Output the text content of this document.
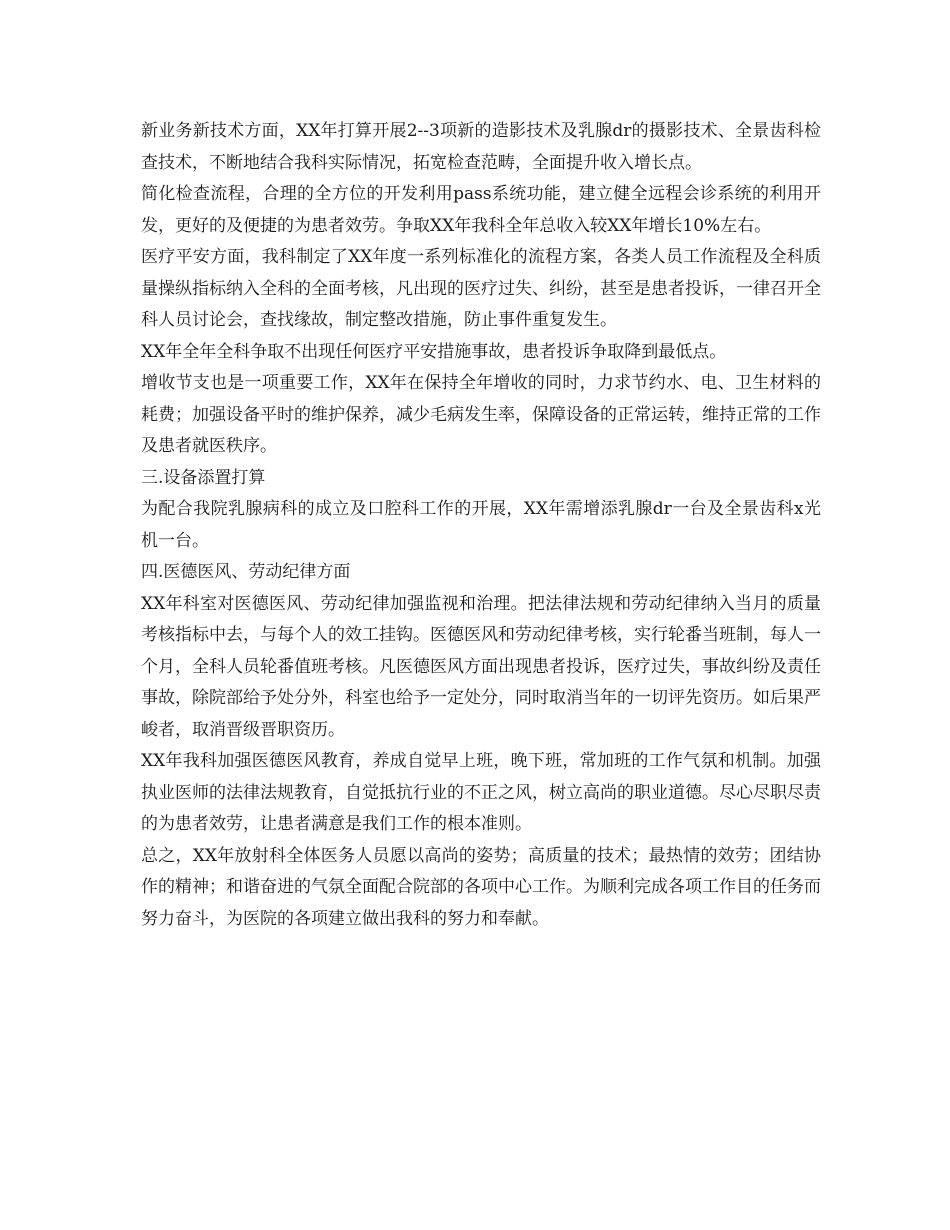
新业务新技术方面，XX年打算开展2--3项新的造影技术及乳腺dr的摄影技术、全景齿科检查技术，不断地结合我科实际情况，拓宽检查范畴，全面提升收入增长点。

简化检查流程，合理的全方位的开发利用pass系统功能，建立健全远程会诊系统的利用开发，更好的及便捷的为患者效劳。争取XX年我科全年总收入较XX年增长10%左右。

医疗平安方面，我科制定了XX年度一系列标准化的流程方案，各类人员工作流程及全科质量操纵指标纳入全科的全面考核，凡出现的医疗过失、纠纷，甚至是患者投诉，一律召开全科人员讨论会，查找缘故，制定整改措施，防止事件重复发生。

XX年全年全科争取不出现任何医疗平安措施事故，患者投诉争取降到最低点。

增收节支也是一项重要工作，XX年在保持全年增收的同时，力求节约水、电、卫生材料的耗费；加强设备平时的维护保养，减少毛病发生率，保障设备的正常运转，维持正常的工作及患者就医秩序。

三.设备添置打算

为配合我院乳腺病科的成立及口腔科工作的开展，XX年需增添乳腺dr一台及全景齿科x光机一台。

四.医德医风、劳动纪律方面

XX年科室对医德医风、劳动纪律加强监视和治理。把法律法规和劳动纪律纳入当月的质量考核指标中去，与每个人的效工挂钩。医德医风和劳动纪律考核，实行轮番当班制，每人一个月，全科人员轮番值班考核。凡医德医风方面出现患者投诉，医疗过失，事故纠纷及责任事故，除院部给予处分外，科室也给予一定处分，同时取消当年的一切评先资历。如后果严峻者，取消晋级晋职资历。

XX年我科加强医德医风教育，养成自觉早上班，晚下班，常加班的工作气氛和机制。加强执业医师的法律法规教育，自觉抵抗行业的不正之风，树立高尚的职业道德。尽心尽职尽责的为患者效劳，让患者满意是我们工作的根本准则。

总之，XX年放射科全体医务人员愿以高尚的姿势；高质量的技术；最热情的效劳；团结协作的精神；和谐奋进的气氛全面配合院部的各项中心工作。为顺利完成各项工作目的任务而努力奋斗，为医院的各项建立做出我科的努力和奉献。
